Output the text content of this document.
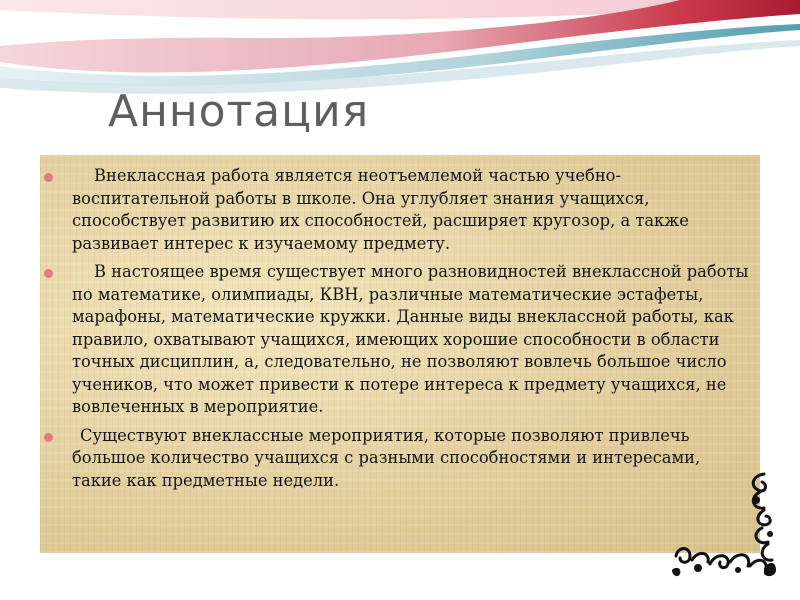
Аннотация
Внеклассная работа является неотъемлемой частью учебно-воспитательной работы в школе. Она углубляет знания учащихся, способствует развитию их способностей, расширяет кругозор, а также развивает интерес к изучаемому предмету.
В настоящее время существует много разновидностей внеклассной работы по математике, олимпиады, КВН, различные математические эстафеты, марафоны, математические кружки. Данные виды внеклассной работы, как правило, охватывают учащихся, имеющих хорошие способности в области точных дисциплин, а, следовательно, не позволяют вовлечь большое число учеников, что может привести к потере интереса к предмету учащихся, не вовлеченных в мероприятие.
Существуют внеклассные мероприятия, которые позволяют привлечь большое количество учащихся с разными способностями и интересами, такие как предметные недели.
